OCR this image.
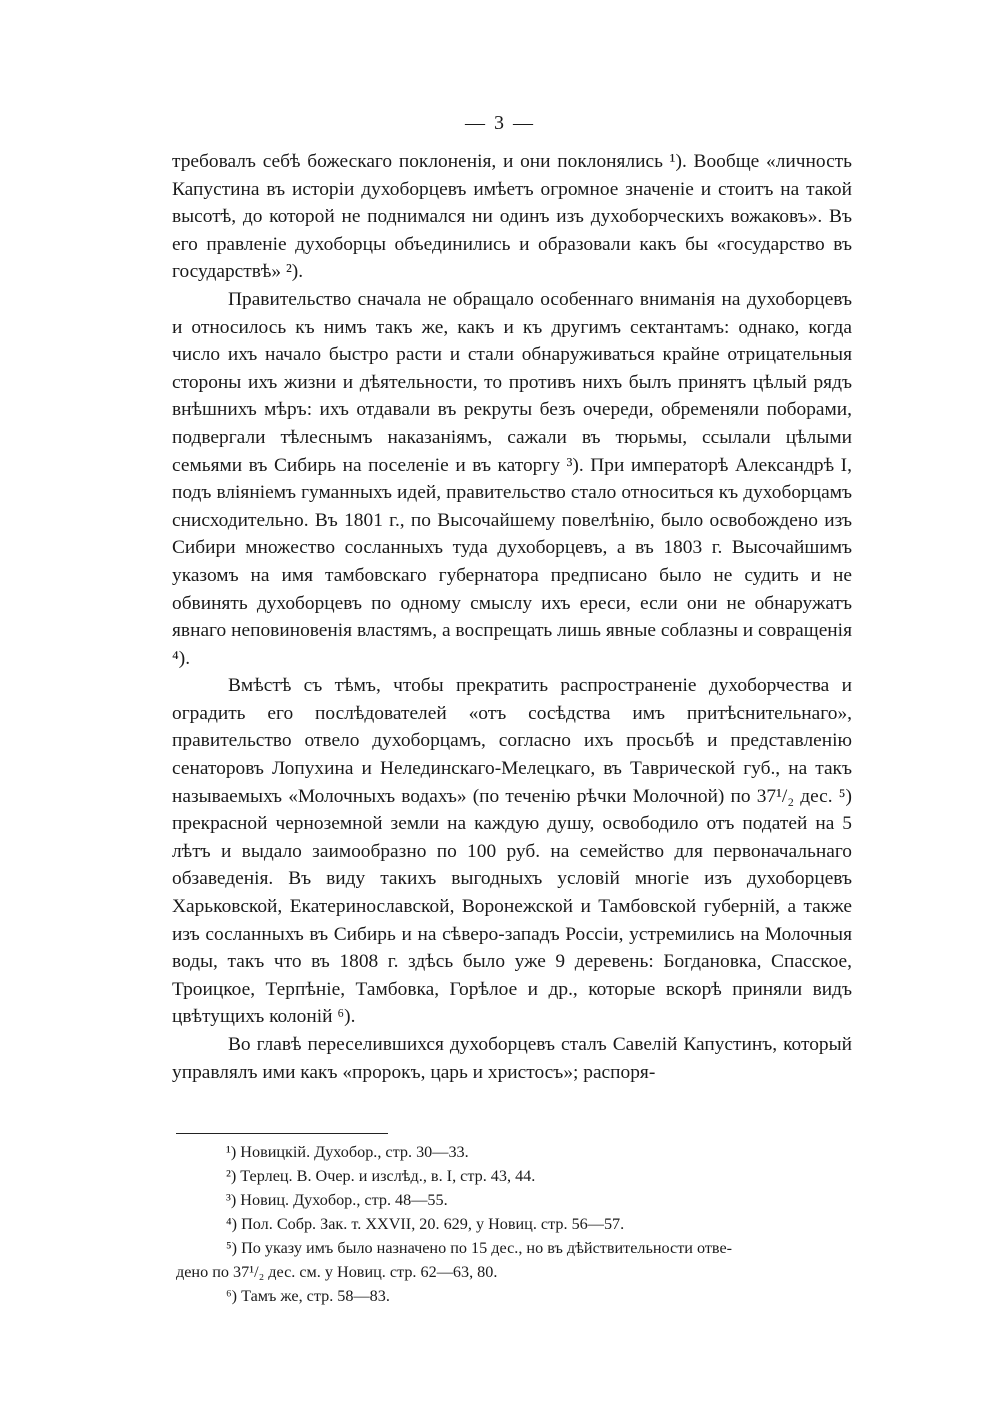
— 3 —

требовалъ себѣ божескаго поклоненія, и они поклонялись ¹). Вообще «личность Капустина въ исторіи духоборцевъ имѣетъ огромное значеніе и стоитъ на такой высотѣ, до которой не поднимался ни одинъ изъ духоборческихъ вожаковъ». Въ его правленіе духоборцы объединились и образовали какъ бы «государство въ государствѣ» ²).

Правительство сначала не обращало особеннаго вниманія на духоборцевъ и относилось къ нимъ такъ же, какъ и къ другимъ сектантамъ: однако, когда число ихъ начало быстро расти и стали обнаруживаться крайне отрицательныя стороны ихъ жизни и дѣятельности, то противъ нихъ былъ принятъ цѣлый рядъ внѣшнихъ мѣръ: ихъ отдавали въ рекруты безъ очереди, обременяли поборами, подвергали тѣлеснымъ наказаніямъ, сажали въ тюрьмы, ссылали цѣлыми семьями въ Сибирь на поселеніе и въ каторгу ³). При императорѣ Александрѣ I, подъ вліяніемъ гуманныхъ идей, правительство стало относиться къ духоборцамъ снисходительно. Въ 1801 г., по Высочайшему повелѣнію, было освобождено изъ Сибири множество сосланныхъ туда духоборцевъ, а въ 1803 г. Высочайшимъ указомъ на имя тамбовскаго губернатора предписано было не судить и не обвинять духоборцевъ по одному смыслу ихъ ереси, если они не обнаружатъ явнаго неповиновенія властямъ, а воспрещать лишь явные соблазны и совращенія ⁴).

Вмѣстѣ съ тѣмъ, чтобы прекратить распространеніе духоборчества и оградить его послѣдователей «отъ сосѣдства имъ притѣснительнаго», правительство отвело духоборцамъ, согласно ихъ просьбѣ и представленію сенаторовъ Лопухина и Нелединскаго-Мелецкаго, въ Таврической губ., на такъ называемыхъ «Молочныхъ водахъ» (по теченію рѣчки Молочной) по 37¹/₂ дес. ⁵) прекрасной черноземной земли на каждую душу, освободило отъ податей на 5 лѣтъ и выдало заимообразно по 100 руб. на семейство для первоначальнаго обзаведенія. Въ виду такихъ выгодныхъ условій многіе изъ духоборцевъ Харьковской, Екатеринославской, Воронежской и Тамбовской губерній, а также изъ сосланныхъ въ Сибирь и на сѣверо-западъ Россіи, устремились на Молочныя воды, такъ что въ 1808 г. здѣсь было уже 9 деревень: Богдановка, Спасское, Троицкое, Терпѣніе, Тамбовка, Горѣлое и др., которые вскорѣ приняли видъ цвѣтущихъ колоній ⁶).

Во главѣ переселившихся духоборцевъ сталъ Савелій Капустинъ, который управлялъ ими какъ «пророкъ, царь и христосъ»; распоря-

¹) Новицкій. Духобор., стр. 30—33.

²) Терлец. В. Очер. и изслѣд., в. I, стр. 43, 44.

³) Новиц. Духобор., стр. 48—55.

⁴) Пол. Собр. Зак. т. XXVII, 20. 629, у Новиц. стр. 56—57.

⁵) По указу имъ было назначено по 15 дес., но въ дѣйствительности отве-

дено по 37¹/₂ дес. см. у Новиц. стр. 62—63, 80.

⁶) Тамъ же, стр. 58—83.
